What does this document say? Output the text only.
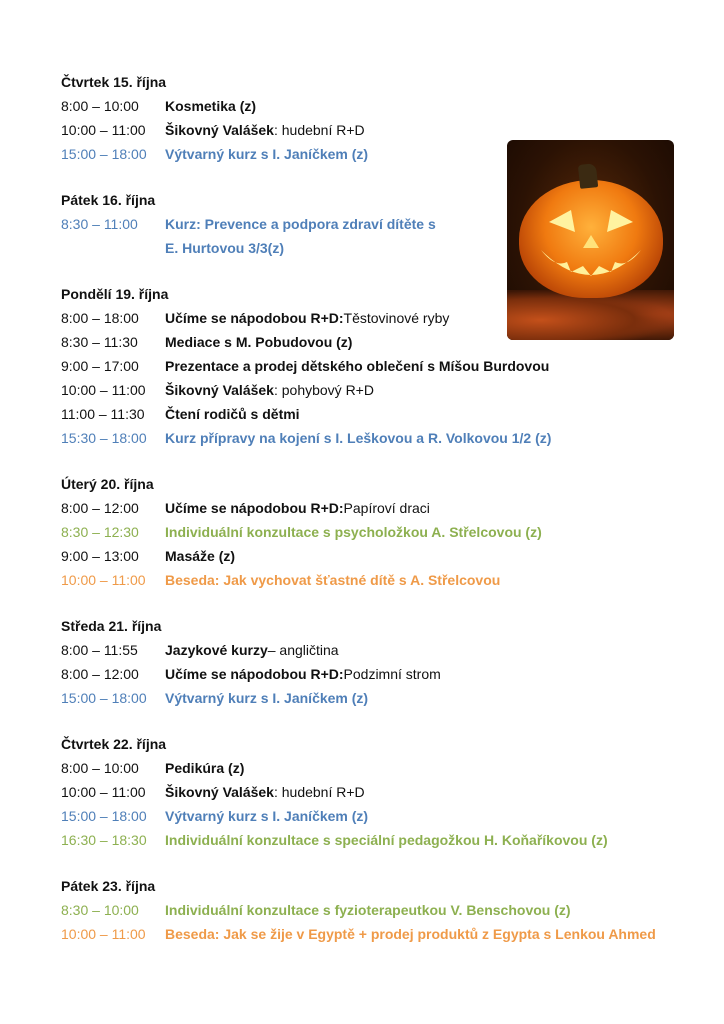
Čtvrtek 15. října
8:00 – 10:00	Kosmetika (z)
10:00 – 11:00	Šikovný Valášek : hudební R+D
15:00 – 18:00	Výtvarný kurz s I. Janíčkem (z)
Pátek 16. října
8:30 – 11:00	Kurz: Prevence a podpora zdraví dítěte s
E. Hurtovou 3/3(z)
Pondělí 19. října
8:00 – 18:00	Učíme se nápodobou R+D: Těstovinové ryby
8:30 – 11:30	Mediace s M. Pobudovou (z)
9:00 – 17:00	Prezentace a prodej dětského oblečení s Míšou Burdovou
10:00 – 11:00	Šikovný Valášek : pohybový R+D
11:00 – 11:30	Čtení rodičů s dětmi
15:30 – 18:00	Kurz přípravy na kojení s I. Leškovou a R. Volkovou 1/2 (z)
Úterý 20. října
8:00 – 12:00	Učíme se nápodobou R+D: Papíroví draci
8:30 – 12:30	Individuální konzultace s psycholožkou A. Střelcovou (z)
9:00 – 13:00	Masáže (z)
10:00 – 11:00	Beseda: Jak vychovat šťastné dítě s A. Střelcovou
Středa 21. října
8:00 – 11:55	Jazykové kurzy – angličtina
8:00 – 12:00	Učíme se nápodobou R+D: Podzimní strom
15:00 – 18:00	Výtvarný kurz s I. Janíčkem (z)
Čtvrtek 22. října
8:00 – 10:00	Pedikúra (z)
10:00 – 11:00	Šikovný Valášek : hudební R+D
15:00 – 18:00	Výtvarný kurz s I. Janíčkem (z)
16:30 – 18:30	Individuální konzultace s speciální pedagožkou H. Koňaříkovou (z)
Pátek 23. října
8:30 – 10:00	Individuální konzultace s fyzioterapeutkou V. Benschovou (z)
10:00 – 11:00	Beseda: Jak se žije v Egyptě + prodej produktů z Egypta s Lenkou Ahmed
